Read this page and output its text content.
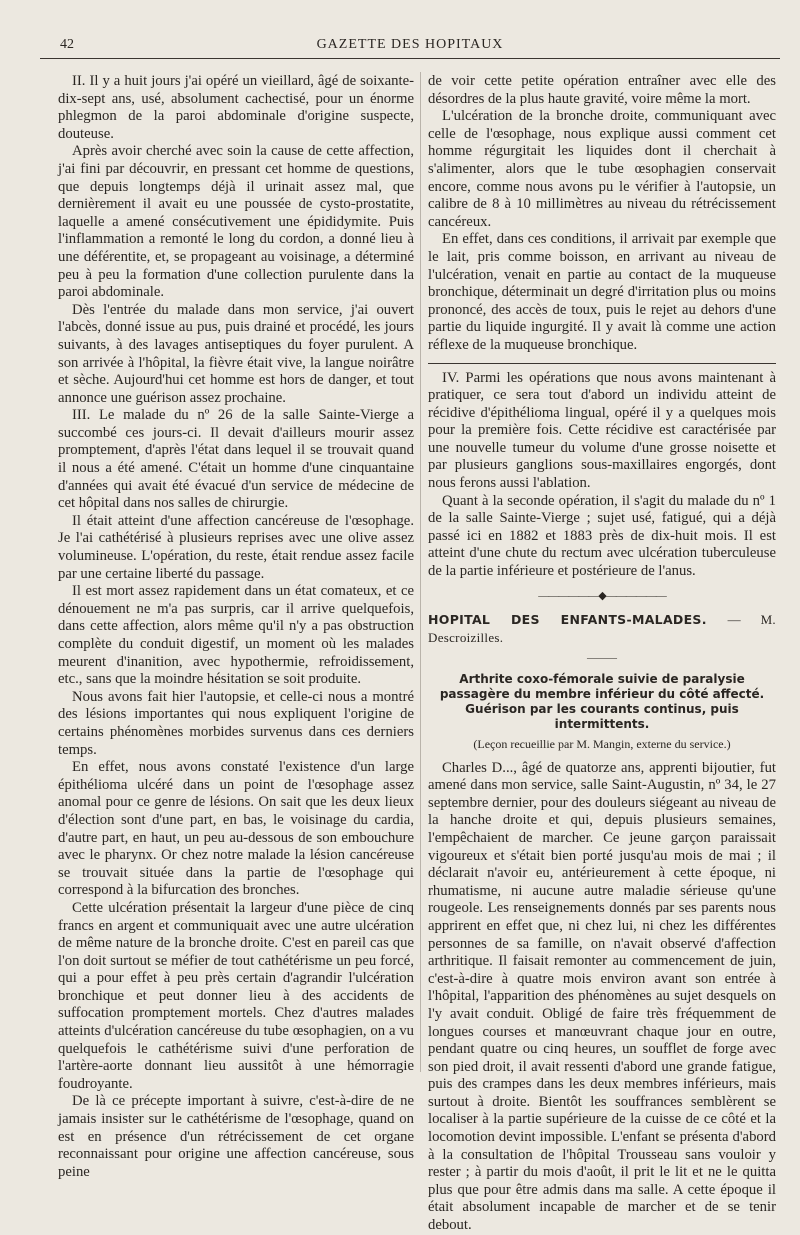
42	GAZETTE DES HOPITAUX

II. Il y a huit jours j'ai opéré un vieillard, âgé de soixante-dix-sept ans, usé, absolument cachectisé, pour un énorme phlegmon de la paroi abdominale d'origine suspecte, douteuse.

Après avoir cherché avec soin la cause de cette affection, j'ai fini par découvrir, en pressant cet homme de questions, que depuis longtemps déjà il urinait assez mal, que dernièrement il avait eu une poussée de cysto-prostatite, laquelle a amené consécutivement une épididymite. Puis l'inflammation a remonté le long du cordon, a donné lieu à une déférentite, et, se propageant au voisinage, a déterminé peu à peu la formation d'une collection purulente dans la paroi abdominale.

Dès l'entrée du malade dans mon service, j'ai ouvert l'abcès, donné issue au pus, puis drainé et procédé, les jours suivants, à des lavages antiseptiques du foyer purulent. A son arrivée à l'hôpital, la fièvre était vive, la langue noirâtre et sèche. Aujourd'hui cet homme est hors de danger, et tout annonce une guérison assez prochaine.

III. Le malade du nº 26 de la salle Sainte-Vierge a succombé ces jours-ci. Il devait d'ailleurs mourir assez promptement, d'après l'état dans lequel il se trouvait quand il nous a été amené. C'était un homme d'une cinquantaine d'années qui avait été évacué d'un service de médecine de cet hôpital dans nos salles de chirurgie.

Il était atteint d'une affection cancéreuse de l'œsophage. Je l'ai cathétérisé à plusieurs reprises avec une olive assez volumineuse. L'opération, du reste, était rendue assez facile par une certaine liberté du passage.

Il est mort assez rapidement dans un état comateux, et ce dénouement ne m'a pas surpris, car il arrive quelquefois, dans cette affection, alors même qu'il n'y a pas obstruction complète du conduit digestif, un moment où les malades meurent d'inanition, avec hypothermie, refroidissement, etc., sans que la moindre hésitation se soit produite.

Nous avons fait hier l'autopsie, et celle-ci nous a montré des lésions importantes qui nous expliquent l'origine de certains phénomènes morbides survenus dans ces derniers temps.

En effet, nous avons constaté l'existence d'un large épithélioma ulcéré dans un point de l'œsophage assez anomal pour ce genre de lésions. On sait que les deux lieux d'élection sont d'une part, en bas, le voisinage du cardia, d'autre part, en haut, un peu au-dessous de son embouchure avec le pharynx. Or chez notre malade la lésion cancéreuse se trouvait située dans la partie de l'œsophage qui correspond à la bifurcation des bronches.

Cette ulcération présentait la largeur d'une pièce de cinq francs en argent et communiquait avec une autre ulcération de même nature de la bronche droite. C'est en pareil cas que l'on doit surtout se méfier de tout cathétérisme un peu forcé, qui a pour effet à peu près certain d'agrandir l'ulcération bronchique et peut donner lieu à des accidents de suffocation promptement mortels. Chez d'autres malades atteints d'ulcération cancéreuse du tube œsophagien, on a vu quelquefois le cathétérisme suivi d'une perforation de l'artère-aorte donnant lieu aussitôt à une hémorragie foudroyante.

De là ce précepte important à suivre, c'est-à-dire de ne jamais insister sur le cathétérisme de l'œsophage, quand on est en présence d'un rétrécissement de cet organe reconnaissant pour origine une affection cancéreuse, sous peine

de voir cette petite opération entraîner avec elle des désordres de la plus haute gravité, voire même la mort.

L'ulcération de la bronche droite, communiquant avec celle de l'œsophage, nous explique aussi comment cet homme régurgitait les liquides dont il cherchait à s'alimenter, alors que le tube œsophagien conservait encore, comme nous avons pu le vérifier à l'autopsie, un calibre de 8 à 10 millimètres au niveau du rétrécissement cancéreux.

En effet, dans ces conditions, il arrivait par exemple que le lait, pris comme boisson, en arrivant au niveau de l'ulcération, venait en partie au contact de la muqueuse bronchique, déterminait un degré d'irritation plus ou moins prononcé, des accès de toux, puis le rejet au dehors d'une partie du liquide ingurgité. Il y avait là comme une action réflexe de la muqueuse bronchique.

IV. Parmi les opérations que nous avons maintenant à pratiquer, ce sera tout d'abord un individu atteint de récidive d'épithélioma lingual, opéré il y a quelques mois pour la première fois. Cette récidive est caractérisée par une nouvelle tumeur du volume d'une grosse noisette et par plusieurs ganglions sous-maxillaires engorgés, dont nous ferons aussi l'ablation.

Quant à la seconde opération, il s'agit du malade du nº 1 de la salle Sainte-Vierge ; sujet usé, fatigué, qui a déjà passé ici en 1882 et 1883 près de dix-huit mois. Il est atteint d'une chute du rectum avec ulcération tuberculeuse de la partie inférieure et postérieure de l'anus.

——————◆——————

HOPITAL DES ENFANTS-MALADES. — M. Descroizilles.

———

Arthrite coxo-fémorale suivie de paralysie passagère du membre inférieur du côté affecté. Guérison par les courants continus, puis intermittents.

(Leçon recueillie par M. Mangin, externe du service.)

Charles D..., âgé de quatorze ans, apprenti bijoutier, fut amené dans mon service, salle Saint-Augustin, nº 34, le 27 septembre dernier, pour des douleurs siégeant au niveau de la hanche droite et qui, depuis plusieurs semaines, l'empêchaient de marcher. Ce jeune garçon paraissait vigoureux et s'était bien porté jusqu'au mois de mai ; il déclarait n'avoir eu, antérieurement à cette époque, ni rhumatisme, ni aucune autre maladie sérieuse qu'une rougeole. Les renseignements donnés par ses parents nous apprirent en effet que, ni chez lui, ni chez les différentes personnes de sa famille, on n'avait observé d'affection arthritique. Il faisait remonter au commencement de juin, c'est-à-dire à quatre mois environ avant son entrée à l'hôpital, l'apparition des phénomènes au sujet desquels on l'y avait conduit. Obligé de faire très fréquemment de longues courses et manœuvrant chaque jour en outre, pendant quatre ou cinq heures, un soufflet de forge avec son pied droit, il avait ressenti d'abord une grande fatigue, puis des crampes dans les deux membres inférieurs, mais surtout à droite. Bientôt les souffrances semblèrent se localiser à la partie supérieure de la cuisse de ce côté et la locomotion devint impossible. L'enfant se présenta d'abord à la consultation de l'hôpital Trousseau sans vouloir y rester ; à partir du mois d'août, il prit le lit et ne le quitta plus que pour être admis dans ma salle. A cette époque il était absolument incapable de marcher et de se tenir debout.
